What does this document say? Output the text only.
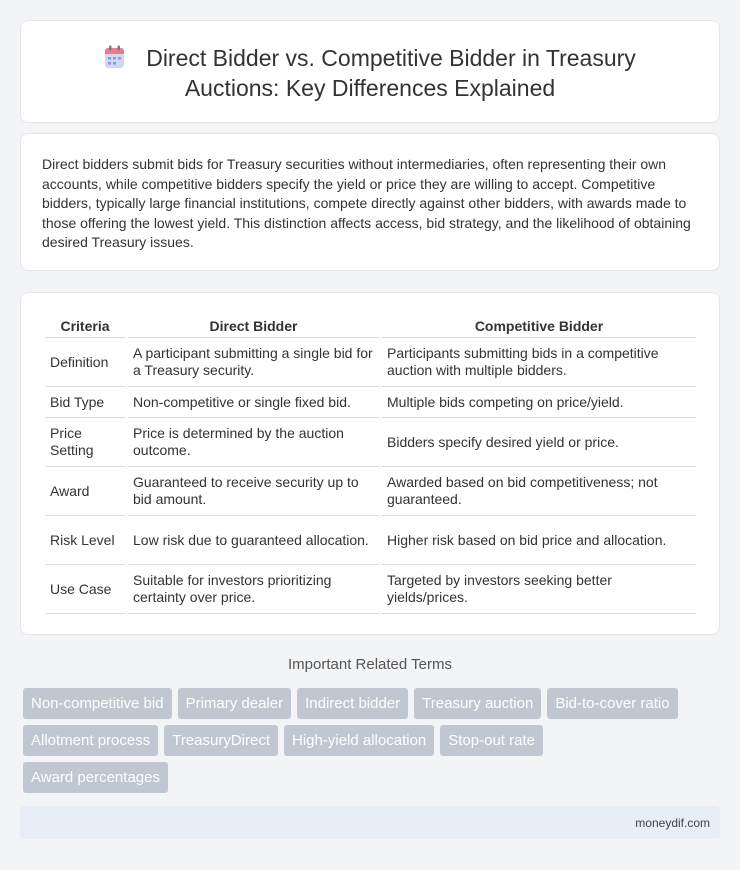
Direct Bidder vs. Competitive Bidder in Treasury
Auctions: Key Differences Explained

Direct bidders submit bids for Treasury securities without intermediaries, often representing their own accounts, while competitive bidders specify the yield or price they are willing to accept. Competitive bidders, typically large financial institutions, compete directly against other bidders, with awards made to those offering the lowest yield. This distinction affects access, bid strategy, and the likelihood of obtaining desired Treasury issues.

Criteria	Direct Bidder	Competitive Bidder
Definition	A participant submitting a single bid for a Treasury security.	Participants submitting bids in a competitive auction with multiple bidders.
Bid Type	Non-competitive or single fixed bid.	Multiple bids competing on price/yield.
Price Setting	Price is determined by the auction outcome.	Bidders specify desired yield or price.
Award	Guaranteed to receive security up to bid amount.	Awarded based on bid competitiveness; not guaranteed.
Risk Level	Low risk due to guaranteed allocation.	Higher risk based on bid price and allocation.
Use Case	Suitable for investors prioritizing certainty over price.	Targeted by investors seeking better yields/prices.
Important Related Terms
Non-competitive bid	Primary dealer	Indirect bidder	Treasury auction	Bid-to-cover ratio
Allotment process	TreasuryDirect	High-yield allocation	Stop-out rate
Award percentages
moneydif.com
